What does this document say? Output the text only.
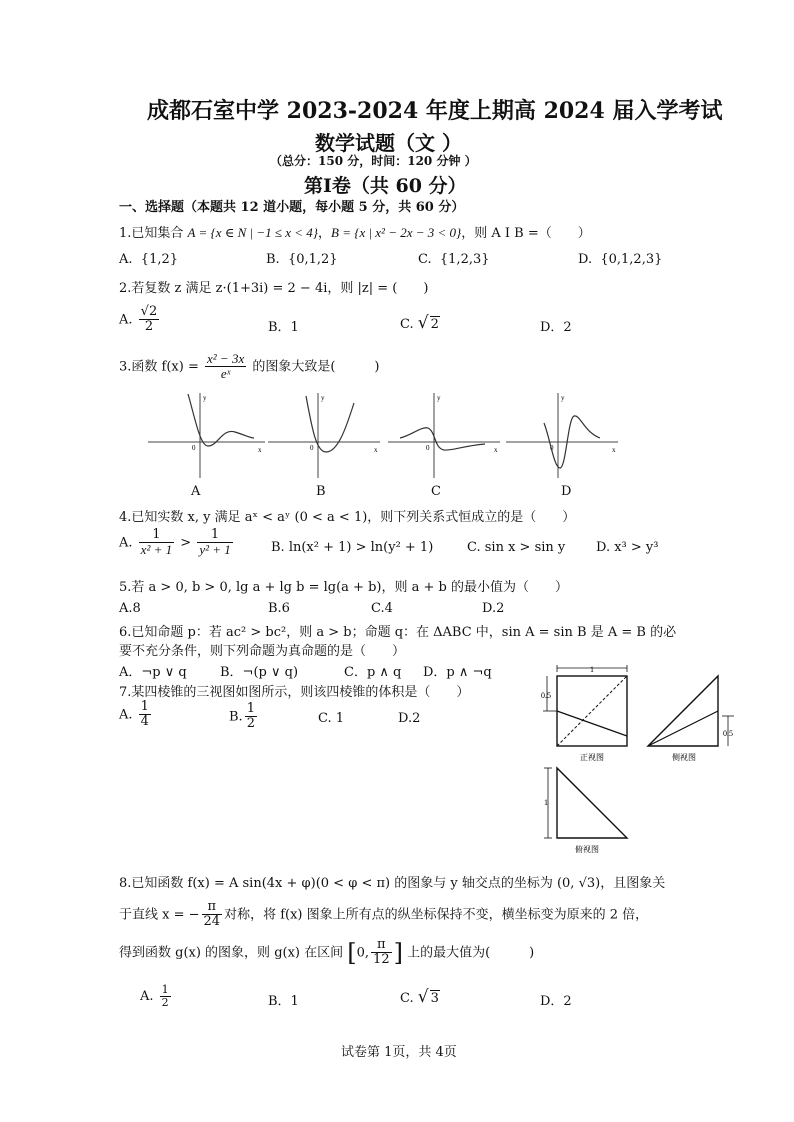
成都石室中学 2023-2024 年度上期高 2024 届入学考试
数学试题（文 ）
（总分：150 分，时间：120 分钟 ）
第Ⅰ卷（共 60 分）
一、选择题（本题共 12 道小题，每小题 5 分，共 60 分）
1.已知集合 A = {x ∈ N | −1 ≤ x < 4}，B = {x | x² − 2x − 3 < 0}，则 A I B =（　　）
A. {1,2}	B. {0,1,2}	C. {1,2,3}	D. {0,1,2,3}
2.若复数 z 满足 z·(1+3i) = 2 − 4i，则 |z| = (　　)
A. $\frac{√2}{2}$	B．1	C. √ 2	D．2
3.函数 $f(x) = \frac{\text{x² − 3x}}{\text{eˣ}}$ 的图象大致是(　　　)
y
x
0
y
x
0
y
x
0
y
x
0
A	B	C	D
4.已知实数 x, y 满足 aˣ < aʸ (0 < a < 1)，则下列关系式恒成立的是（　　）
A. $\frac{1}{\text{x² + 1}} > \frac{1}{\text{y² + 1}}$	B. ln(x² + 1) > ln(y² + 1)	C. sin x > sin y D. x³ > y³
5.若 a > 0, b > 0, lg a + lg b = lg(a + b)，则 a + b 的最小值为（　　）
A.8	B.6	C.4	D.2
6.已知命题 p：若 ac² > bc²，则 a > b；命题 q：在 ΔABC 中，sin A = sin B 是 A = B 的必
要不充分条件，则下列命题为真命题的是（　　）
A．¬p ∨ q	B．¬(p ∨ q)	C．p ∧ q D．p ∧ ¬q
7.某四棱锥的三视图如图所示，则该四棱锥的体积是（　　）
A. $\frac{1}{4}$	B. $\frac{1}{2}$	C. 1	D.2
1
0.5
0.5
1
正视图	侧视图
俯视图
8.已知函数 f(x) = A sin(4x + φ)(0 < φ < π) 的图象与 y 轴交点的坐标为 (0, √3)，且图象关
于直线 x = − $\frac{\pi}{24}$ 对称，将 f(x) 图象上所有点的纵坐标保持不变，横坐标变为原来的 2 倍，
得到函数 g(x) 的图象，则 g(x) 在区间 [0, $\frac{\pi}{12}$ ] 上的最大值为(　　　)
A. $\frac{1}{2}$	B．1	C. √ 3	D．2
试卷第 1页，共 4页
